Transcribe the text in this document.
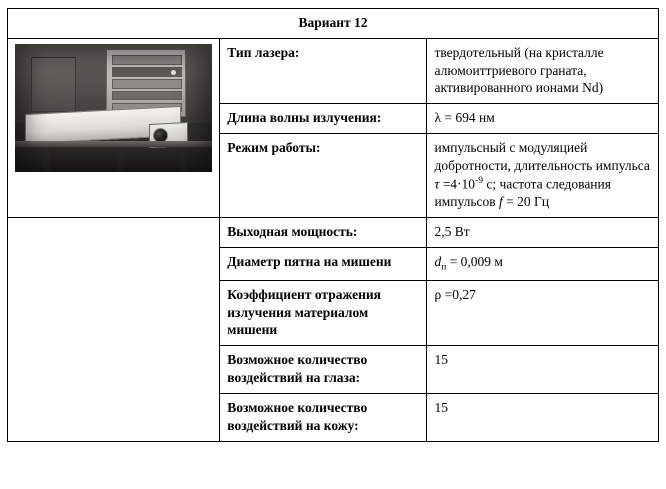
Вариант 12		

	Тип лазера:	твердотельный (на кристалле алюмоиттриевого граната, активированного ионами Nd)
	Длина волны излучения:	λ = 694 нм
	Режим работы:	импульсный с модуляцией добротности, длительность импульса $\tau =4\cdot 10^{-9}$ с; частота следования импульсов f = 20 Гц
	Выходная мощность:	2,5 Вт
	Диаметр пятна на мишени	$d_п = 0,009$ м
	Коэффициент отражения излучения материалом мишени	ρ =0,27
	Возможное количество воздействий на глаза:	15
	Возможное количество воздействий на кожу:	15
